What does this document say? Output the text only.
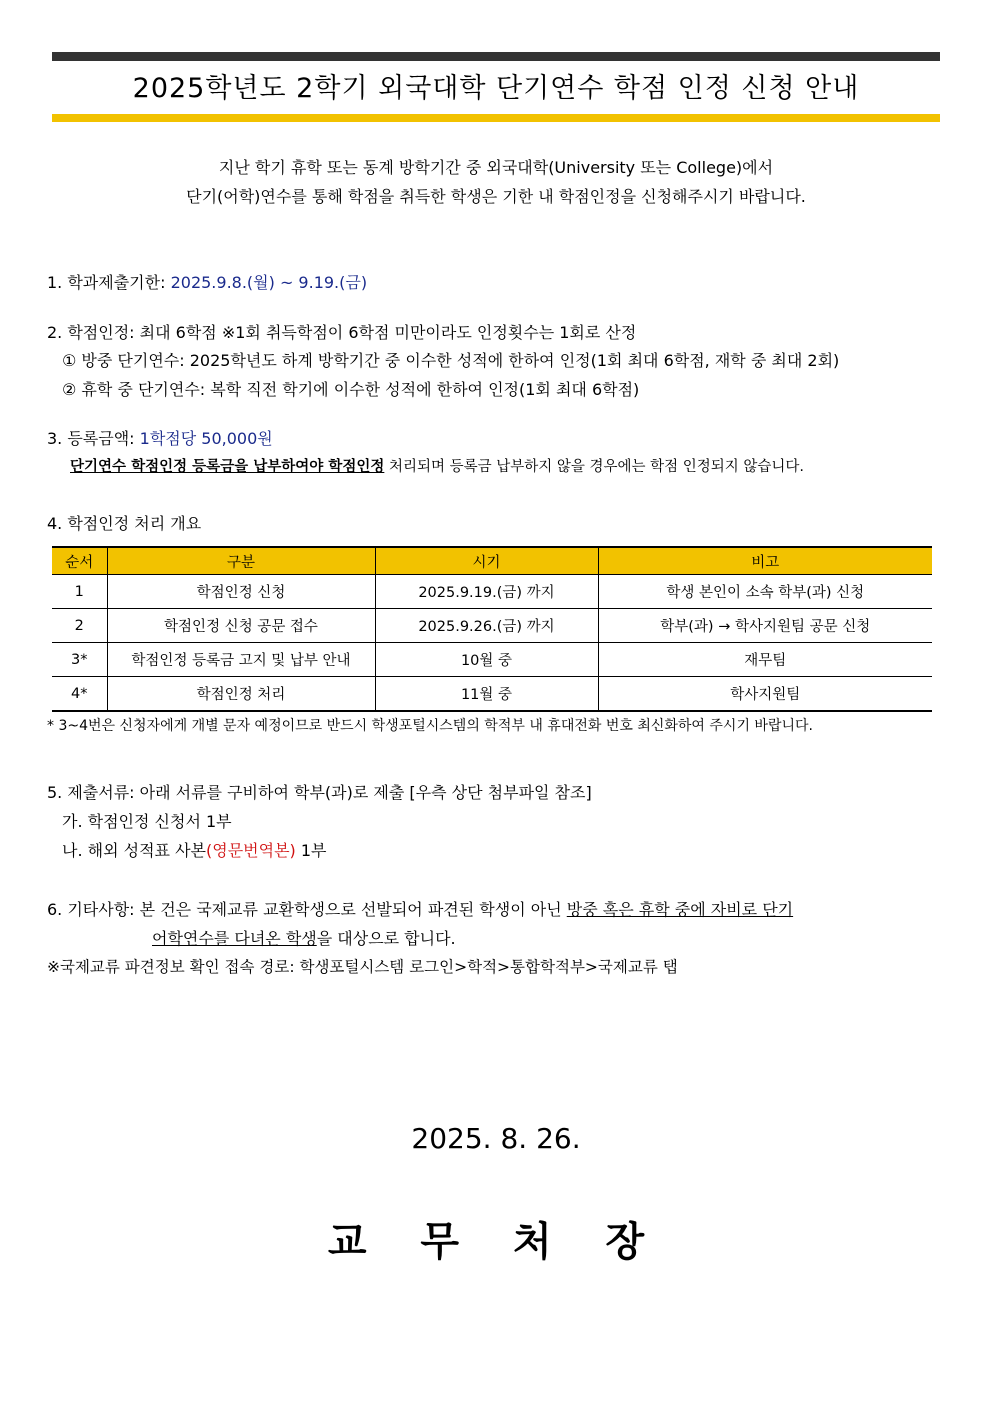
2025학년도 2학기 외국대학 단기연수 학점 인정 신청 안내
지난 학기 휴학 또는 동계 방학기간 중 외국대학(University 또는 College)에서
단기(어학)연수를 통해 학점을 취득한 학생은 기한 내 학점인정을 신청해주시기 바랍니다.
1. 학과제출기한: 2025.9.8.(월) ~ 9.19.(금)
2. 학점인정: 최대 6학점 ※1회 취득학점이 6학점 미만이라도 인정횟수는 1회로 산정
① 방중 단기연수: 2025학년도 하계 방학기간 중 이수한 성적에 한하여 인정(1회 최대 6학점, 재학 중 최대 2회)
② 휴학 중 단기연수: 복학 직전 학기에 이수한 성적에 한하여 인정(1회 최대 6학점)
3. 등록금액: 1학점당 50,000원
단기연수 학점인정 등록금을 납부하여야 학점인정 처리되며 등록금 납부하지 않을 경우에는 학점 인정되지 않습니다.
4. 학점인정 처리 개요
순서	구분	시기	비고
1	학점인정 신청	2025.9.19.(금) 까지	학생 본인이 소속 학부(과) 신청
2	학점인정 신청 공문 접수	2025.9.26.(금) 까지	학부(과) → 학사지원팀 공문 신청
3*	학점인정 등록금 고지 및 납부 안내	10월 중	재무팀
4*	학점인정 처리	11월 중	학사지원팀
* 3~4번은 신청자에게 개별 문자 예정이므로 반드시 학생포털시스템의 학적부 내 휴대전화 번호 최신화하여 주시기 바랍니다.
5. 제출서류: 아래 서류를 구비하여 학부(과)로 제출 [우측 상단 첨부파일 참조]
가. 학점인정 신청서 1부
나. 해외 성적표 사본(영문번역본) 1부
6. 기타사항: 본 건은 국제교류 교환학생으로 선발되어 파견된 학생이 아닌 방중 혹은 휴학 중에 자비로 단기
어학연수를 다녀온 학생을 대상으로 합니다.
※국제교류 파견정보 확인 접속 경로: 학생포털시스템 로그인>학적>통합학적부>국제교류 탭
2025. 8. 26.
교 무 처 장
